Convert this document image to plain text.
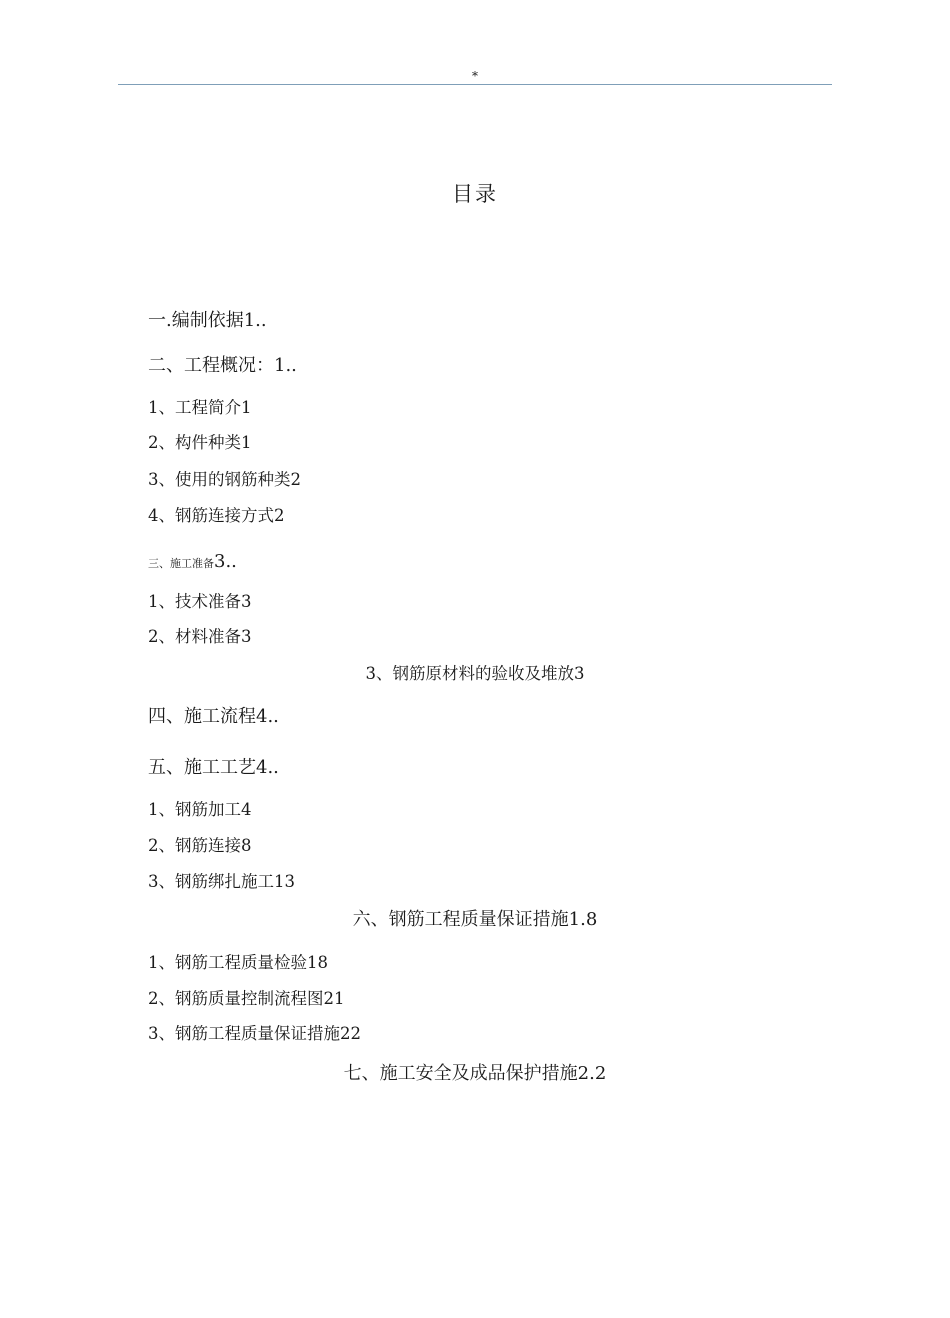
*
目录
一.编制依据1..
二、工程概况：1..
1、工程简介1
2、构件种类1
3、使用的钢筋种类2
4、钢筋连接方式2
三、施工准备3..
1、技术准备3
2、材料准备3
3、钢筋原材料的验收及堆放3
四、施工流程4..
五、施工工艺4..
1、钢筋加工4
2、钢筋连接8
3、钢筋绑扎施工13
六、钢筋工程质量保证措施1.8
1、钢筋工程质量检验18
2、钢筋质量控制流程图21
3、钢筋工程质量保证措施22
七、施工安全及成品保护措施2.2
